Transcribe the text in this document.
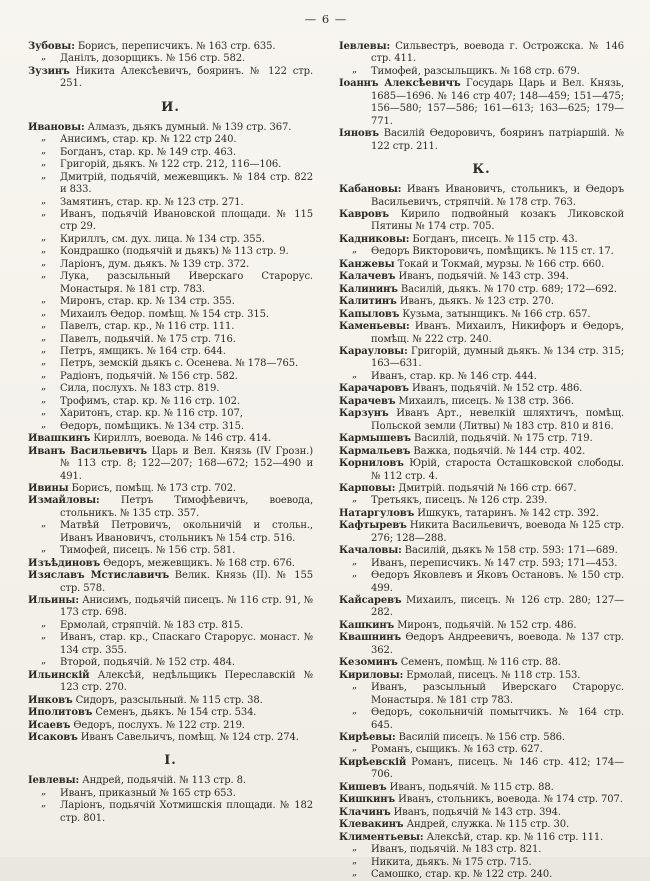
— 6 —
Зубовы: Борисъ, переписчикъ. № 163 стр. 635.
„ Данілъ, дозорщикъ. № 156 стр. 582.
Зузинъ Никита Алексѣевичъ, бояринъ. № 122 стр. 251.
И.
Ивановы: Алмазъ, дьякъ думный. № 139 стр. 367.
„ Анисимъ, стар. кр. № 122 стр 240.
„ Богданъ, стар. кр. № 149 стр. 463.
„ Григорій, дьякъ. № 122 стр. 212, 116—106.
„ Дмитрій, подьячій, межевщикъ. № 184 стр. 822 и 833.
„ Замятинъ, стар. кр. № 123 стр. 271.
„ Иванъ, подьячій Ивановской площади. № 115 стр 29.
„ Кириллъ, см. дух. лица. № 134 стр. 355.
„ Кондрашко (подьячій и дьякъ) № 113 стр. 9.
„ Ларіонъ, дум. дьякъ. № 139 стр. 372.
„ Лука, разсыльный Иверскаго Старорус. Монастыря. № 181 стр. 783.
„ Миронъ, стар. кр. № 134 стр. 355.
„ Михаилъ Ѳедор. помѣщ. № 154 стр. 315.
„ Павелъ, стар. кр., № 116 стр. 111.
„ Павелъ, подьячій. № 175 стр. 716.
„ Петръ, ямщикъ. № 164 стр. 644.
„ Петръ, земскій дьякъ с. Осенева. № 178—765.
„ Радіонъ, подьячій. № 156 стр. 582.
„ Сила, послухъ. № 183 стр. 819.
„ Трофимъ, стар. кр. № 116 стр. 102.
„ Харитонъ, стар. кр. № 116 стр. 107,
„ Ѳедоръ, помѣщикъ. № 134 стр. 315.
Ивашкинъ Кириллъ, воевода. № 146 стр. 414.
Иванъ Васильевичъ Царь и Вел. Князь (IV Грозн.) № 113 стр. 8; 122—207; 168—672; 152—490 и 491.
Ивины Борисъ, помѣщ. № 173 стр. 702.
Измайловы: Петръ Тимофѣевичъ, воевода, стольникъ. № 135 стр. 357.
„ Матвѣй Петровичъ, окольничій и стольн., Иванъ Ивановичъ, стольникъ № 154 стр. 516.
„ Тимофей, писецъ. № 156 стр. 581.
Изъѣдиновъ Ѳедоръ, межевщикъ. № 168 стр. 676.
Изяславъ Мстиславичъ Велик. Князь (II). № 155 стр. 578.
Ильины: Анисимъ, подьячій писецъ. № 116 стр. 91, № 173 стр. 698.
„ Ермолай, стряпчій. № 183 стр. 815.
„ Иванъ, стар. кр., Спаскаго Старорус. монаст. № 134 стр. 355.
„ Второй, подьячій. № 152 стр. 484.
Ильинскій Алексѣй, недѣльщикъ Переславскій № 123 стр. 270.
Инковъ Сидоръ, разсыльный. № 115 стр. 38.
Иполитовъ Семенъ, дьякъ. № 154 стр. 534.
Исаевъ Ѳедоръ, послухъ. № 122 стр. 219.
Исаковъ Иванъ Савельичъ, помѣщ. № 124 стр. 274.
І.
Іевлевы: Андрей, подьячій. № 113 стр. 8.
„ Иванъ, приказный № 165 стр 653.
„ Ларіонъ, подьячій Хотмишскія площади. № 182 стр. 801.
Іевлевы: Сильвестръ, воевода г. Острожска. № 146 стр. 411.
„ Тимофей, разсыльщикъ. № 168 стр. 679.
Іоаннъ Алексѣевичъ Государь Царь и Вел. Князь, 1685—1696. № 146 стр 407; 148—459; 151—475; 156—580; 157—586; 161—613; 163—625; 179—771.
Іяновъ Василій Ѳедоровичъ, бояринъ патріаршій. № 122 стр. 211.
К.
Кабановы: Иванъ Ивановичъ, стольникъ, и Ѳедоръ Васильевичъ, стряпчій. № 178 стр. 763.
Кавровъ Кирило подвойный козакъ Ликовской Пятины № 174 стр. 705.
Кадниковы: Богданъ, писецъ. № 115 стр. 43.
„ Ѳедоръ Викторовичъ, помѣщикъ. № 115 ст. 17.
Канжевы Токай и Токмай, мурзы. № 166 стр. 660.
Калачевъ Иванъ, подьячій. № 143 стр. 394.
Калининъ Василій, дьякъ. № 170 стр. 689; 172—692.
Калитинъ Иванъ, дьякъ. № 123 стр. 270.
Капыловъ Кузьма, затынщикъ. № 166 стр. 657.
Каменьевы: Иванъ. Михаилъ, Никифоръ и Ѳедоръ, помѣщ. № 222 стр. 240.
Карауловы: Григорій, думный дьякъ. № 134 стр. 315; 163—631.
„ Иванъ, стар. кр. № 146 стр. 444.
Карачаровъ Иванъ, подьячій. № 152 стр. 486.
Карачевъ Михаилъ, писецъ. № 138 стр. 366.
Карзунъ Иванъ Арт., невелкій шляхтичъ, помѣщ. Польской земли (Литвы) № 183 стр. 810 и 816.
Кармышевъ Василій, подьячій. № 175 стр. 719.
Кармальевъ Важка, подьячій. № 144 стр. 402.
Корниловъ Юрій, староста Осташковской слободы. № 112 стр. 4.
Карповы: Дмитрій. подьячій № 166 стр. 667.
„ Третьякъ, писецъ. № 126 стр. 239.
Натаргуловъ Ишкукъ, татаринъ. № 142 стр. 392.
Кафтыревъ Никита Васильевичъ, воевода № 125 стр. 276; 128—288.
Качаловы: Василій, дьякъ № 158 стр. 593: 171—689.
„ Иванъ, переписчикъ. № 147 стр. 593; 171—453.
„ Ѳедоръ Яковлевъ и Яковъ Остановъ. № 150 стр. 499.
Кайсаревъ Михаилъ, писецъ. № 126 стр. 280; 127—282.
Кашкинъ Миронъ, подьячій. № 152 стр. 486.
Квашнинъ Ѳедоръ Андреевичъ, воевода. № 137 стр. 362.
Кезоминъ Семенъ, помѣщ. № 116 стр. 88.
Кириловы: Ермолай, писецъ. № 118 стр. 153.
„ Иванъ, разсыльный Иверскаго Старорус. Монастыря. № 181 стр 783.
„ Ѳедоръ, сокольничій помытчикъ. № 164 стр. 645.
Кирѣевы: Василій писецъ. № 156 стр. 586.
„ Романъ, сыщикъ. № 163 стр. 627.
Кирѣевскій Романъ, писецъ. № 146 стр. 412; 174—706.
Кишевъ Иванъ, подьячій. № 115 стр. 88.
Кишкинъ Иванъ, стольникъ, воевода. № 174 стр. 707.
Клачинъ Иванъ, подьячій № 143 стр. 394.
Клевакинъ Андрей, служка. № 115 стр. 30.
Климентьевы: Алексѣй, стар. кр. № 116 стр. 111.
„ Иванъ, подьячій. № 183 стр. 821.
„ Никита, дьякъ. № 175 стр. 715.
„ Самошко, стар. кр. № 122 стр. 240.
